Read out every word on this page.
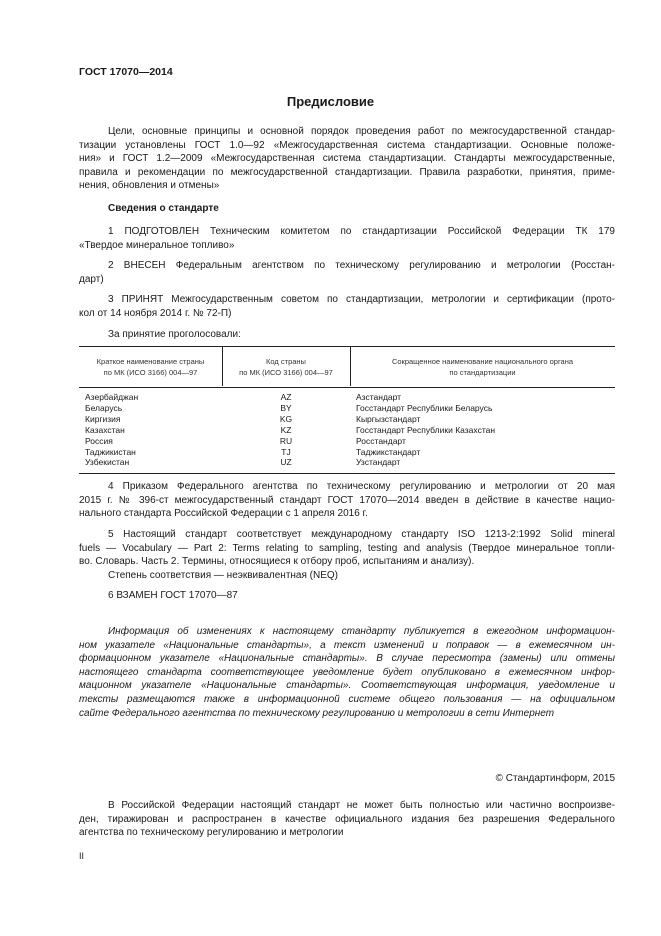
ГОСТ 17070—2014
Предисловие
Цели, основные принципы и основной порядок проведения работ по межгосударственной стандар-
тизации установлены ГОСТ 1.0—92 «Межгосударственная система стандартизации. Основные положе-
ния» и ГОСТ 1.2—2009 «Межгосударственная система стандартизации. Стандарты межгосударственные,
правила и рекомендации по межгосударственной стандартизации. Правила разработки, принятия, приме-
нения, обновления и отмены»
Сведения о стандарте
1 ПОДГОТОВЛЕН Техническим комитетом по стандартизации Российской Федерации ТК 179
«Твердое минеральное топливо»
2 ВНЕСЕН Федеральным агентством по техническому регулированию и метрологии (Росстан-
дарт)
3 ПРИНЯТ Межгосударственным советом по стандартизации, метрологии и сертификации (прото-
кол от 14 ноября 2014 г. № 72-П)
За принятие проголосовали:
Краткое наименование страны
по МК (ИСО 3166) 004—97
Код страны
по МК (ИСО 3166) 004—97
Сокращенное наименование национального органа
по стандартизации
Азербайджан
Беларусь
Киргизия
Казахстан
Россия
Таджикистан
Узбекистан
AZ
BY
KG
KZ
RU
TJ
UZ
Азстандарт
Госстандарт Республики Беларусь
Кыргызстандарт
Госстандарт Республики Казахстан
Росстандарт
Таджикстандарт
Узстандарт
4 Приказом Федерального агентства по техническому регулированию и метрологии от 20 мая
2015 г. № 396-ст межгосударственный стандарт ГОСТ 17070—2014 введен в действие в качестве нацио-
нального стандарта Российской Федерации с 1 апреля 2016 г.
5 Настоящий стандарт соответствует международному стандарту ISO 1213-2:1992 Solid mineral
fuels — Vocabulary — Part 2: Terms relating to sampling, testing and analysis (Твердое минеральное топли-
во. Словарь. Часть 2. Термины, относящиеся к отбору проб, испытаниям и анализу).
Степень соответствия — неэквивалентная (NEQ)
6 ВЗАМЕН ГОСТ 17070—87
Информация об изменениях к настоящему стандарту публикуется в ежегодном информацион-
ном указателе «Национальные стандарты», а текст изменений и поправок — в ежемесячном ин-
формационном указателе «Национальные стандарты». В случае пересмотра (замены) или отмены
настоящего стандарта соответствующее уведомление будет опубликовано в ежемесячном инфор-
мационном указателе «Национальные стандарты». Соответствующая информация, уведомление и
тексты размещаются также в информационной системе общего пользования — на официальном
сайте Федерального агентства по техническому регулированию и метрологии в сети Интернет
© Стандартинформ, 2015
В Российской Федерации настоящий стандарт не может быть полностью или частично воспроизве-
ден, тиражирован и распространен в качестве официального издания без разрешения Федерального
агентства по техническому регулированию и метрологии
II
